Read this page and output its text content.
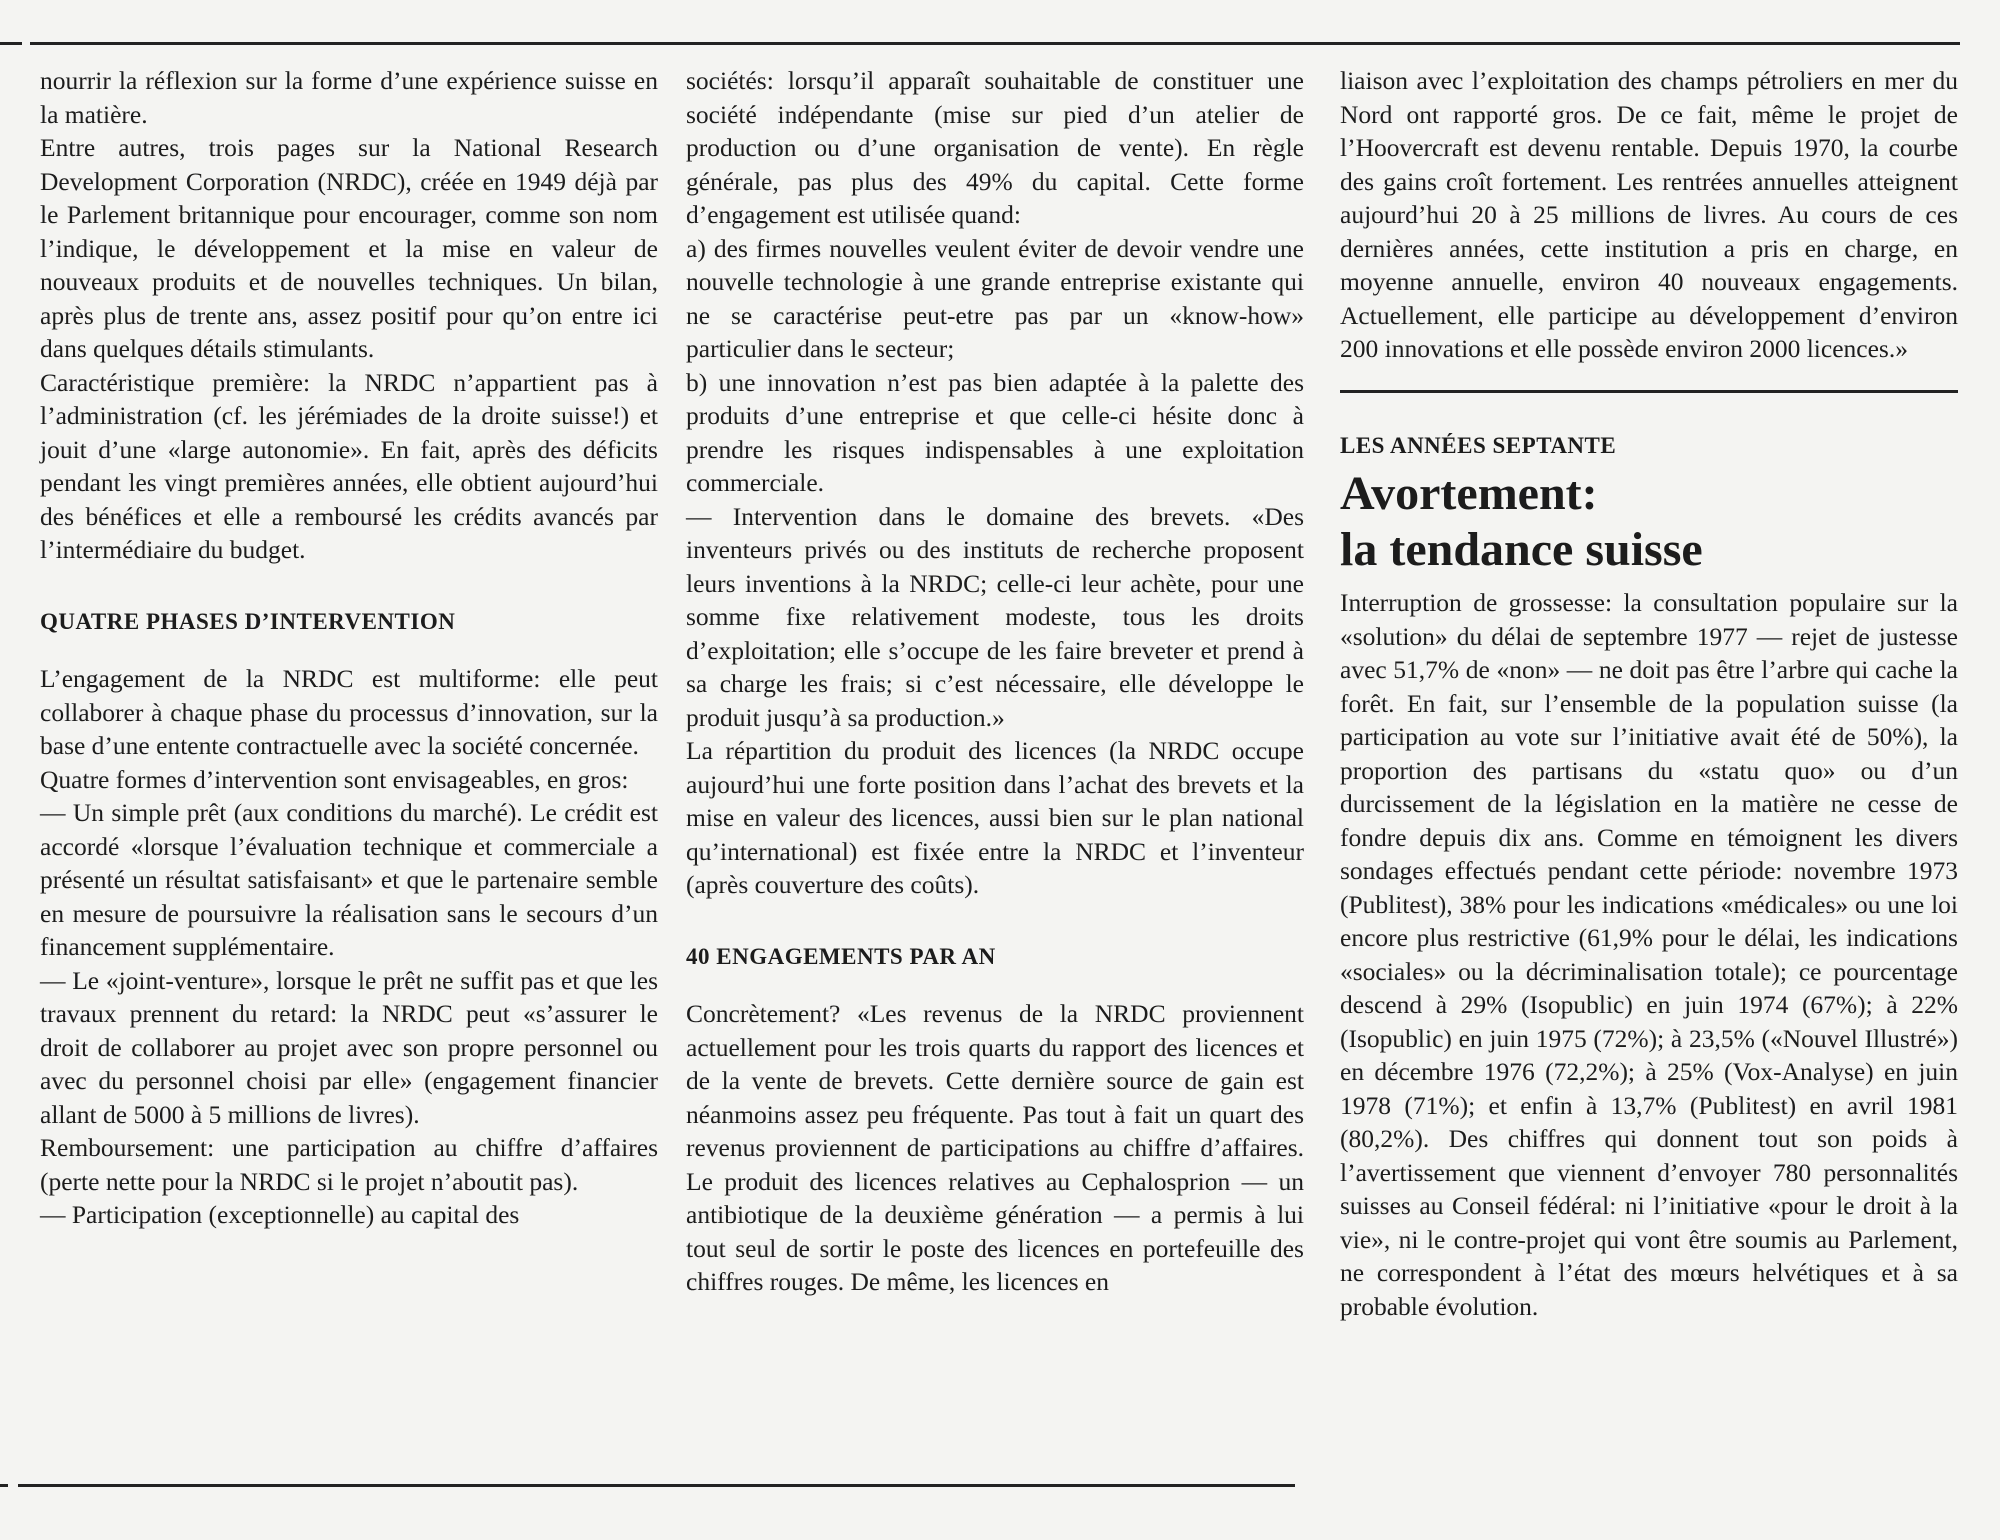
nourrir la réflexion sur la forme d’une expérience suisse en la matière.

Entre autres, trois pages sur la National Research Development Corporation (NRDC), créée en 1949 déjà par le Parlement britannique pour encourager, comme son nom l’indique, le développement et la mise en valeur de nouveaux produits et de nouvelles techniques. Un bilan, après plus de trente ans, assez positif pour qu’on entre ici dans quelques détails stimulants.

Caractéristique première: la NRDC n’appartient pas à l’administration (cf. les jérémiades de la droite suisse!) et jouit d’une «large autonomie». En fait, après des déficits pendant les vingt premières années, elle obtient aujourd’hui des bénéfices et elle a remboursé les crédits avancés par l’intermédiaire du budget.

QUATRE PHASES D’INTERVENTION

L’engagement de la NRDC est multiforme: elle peut collaborer à chaque phase du processus d’innovation, sur la base d’une entente contractuelle avec la société concernée.

Quatre formes d’intervention sont envisageables, en gros:

— Un simple prêt (aux conditions du marché). Le crédit est accordé «lorsque l’évaluation technique et commerciale a présenté un résultat satisfaisant» et que le partenaire semble en mesure de poursuivre la réalisation sans le secours d’un financement supplémentaire.

— Le «joint-venture», lorsque le prêt ne suffit pas et que les travaux prennent du retard: la NRDC peut «s’assurer le droit de collaborer au projet avec son propre personnel ou avec du personnel choisi par elle» (engagement financier allant de 5000 à 5 millions de livres).

Remboursement: une participation au chiffre d’affaires (perte nette pour la NRDC si le projet n’aboutit pas).

— Participation (exceptionnelle) au capital des

sociétés: lorsqu’il apparaît souhaitable de constituer une société indépendante (mise sur pied d’un atelier de production ou d’une organisation de vente). En règle générale, pas plus des 49% du capital. Cette forme d’engagement est utilisée quand:

a) des firmes nouvelles veulent éviter de devoir vendre une nouvelle technologie à une grande entreprise existante qui ne se caractérise peut-etre pas par un «know-how» particulier dans le secteur;

b) une innovation n’est pas bien adaptée à la palette des produits d’une entreprise et que celle-ci hésite donc à prendre les risques indispensables à une exploitation commerciale.

— Intervention dans le domaine des brevets. «Des inventeurs privés ou des instituts de recherche proposent leurs inventions à la NRDC; celle-ci leur achète, pour une somme fixe relativement modeste, tous les droits d’exploitation; elle s’occupe de les faire breveter et prend à sa charge les frais; si c’est nécessaire, elle développe le produit jusqu’à sa production.»

La répartition du produit des licences (la NRDC occupe aujourd’hui une forte position dans l’achat des brevets et la mise en valeur des licences, aussi bien sur le plan national qu’international) est fixée entre la NRDC et l’inventeur (après couverture des coûts).

40 ENGAGEMENTS PAR AN

Concrètement? «Les revenus de la NRDC proviennent actuellement pour les trois quarts du rapport des licences et de la vente de brevets. Cette dernière source de gain est néanmoins assez peu fréquente. Pas tout à fait un quart des revenus proviennent de participations au chiffre d’affaires. Le produit des licences relatives au Cephalosprion — un antibiotique de la deuxième génération — a permis à lui tout seul de sortir le poste des licences en portefeuille des chiffres rouges. De même, les licences en

liaison avec l’exploitation des champs pétroliers en mer du Nord ont rapporté gros. De ce fait, même le projet de l’Hoovercraft est devenu rentable. Depuis 1970, la courbe des gains croît fortement. Les rentrées annuelles atteignent aujourd’hui 20 à 25 millions de livres. Au cours de ces dernières années, cette institution a pris en charge, en moyenne annuelle, environ 40 nouveaux engagements. Actuellement, elle participe au développement d’environ 200 innovations et elle possède environ 2000 licences.»

LES ANNÉES SEPTANTE

Avortement:
la tendance suisse

Interruption de grossesse: la consultation populaire sur la «solution» du délai de septembre 1977 — rejet de justesse avec 51,7% de «non» — ne doit pas être l’arbre qui cache la forêt. En fait, sur l’ensemble de la population suisse (la participation au vote sur l’initiative avait été de 50%), la proportion des partisans du «statu quo» ou d’un durcissement de la législation en la matière ne cesse de fondre depuis dix ans. Comme en témoignent les divers sondages effectués pendant cette période: novembre 1973 (Publitest), 38% pour les indications «médicales» ou une loi encore plus restrictive (61,9% pour le délai, les indications «sociales» ou la décriminalisation totale); ce pourcentage descend à 29% (Isopublic) en juin 1974 (67%); à 22% (Isopublic) en juin 1975 (72%); à 23,5% («Nouvel Illustré») en décembre 1976 (72,2%); à 25% (Vox-Analyse) en juin 1978 (71%); et enfin à 13,7% (Publitest) en avril 1981 (80,2%). Des chiffres qui donnent tout son poids à l’avertissement que viennent d’envoyer 780 personnalités suisses au Conseil fédéral: ni l’initiative «pour le droit à la vie», ni le contre-projet qui vont être soumis au Parlement, ne correspondent à l’état des mœurs helvétiques et à sa probable évolution.
